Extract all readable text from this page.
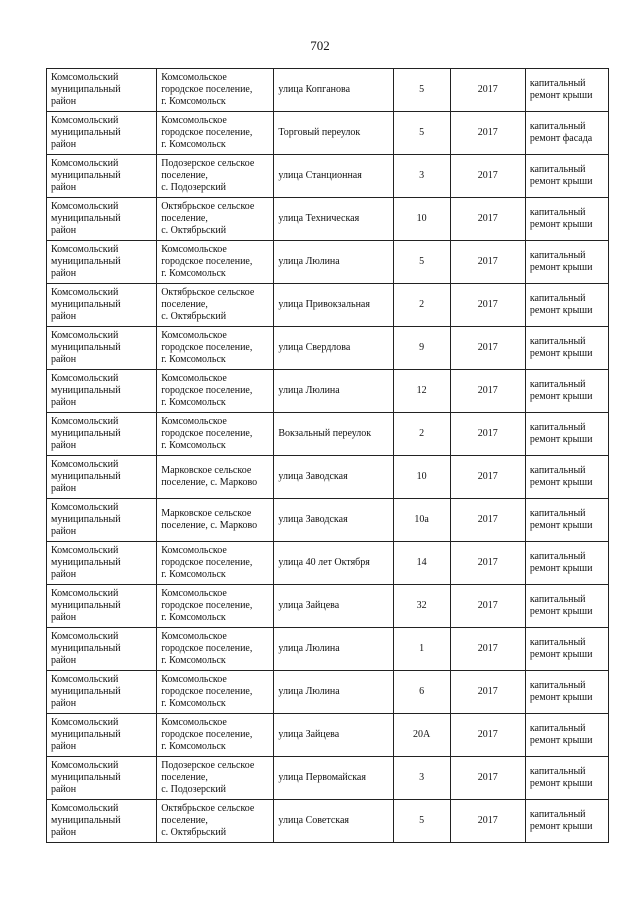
702
Комсомольский
муниципальный
район	Комсомольское
городское поселение,
г. Комсомольск	улица Копганова	5	2017	капитальный
ремонт крыши
Комсомольский
муниципальный
район	Комсомольское
городское поселение,
г. Комсомольск	Торговый переулок	5	2017	капитальный
ремонт фасада
Комсомольский
муниципальный
район	Подозерское сельское
поселение,
с. Подозерский	улица Станционная	3	2017	капитальный
ремонт крыши
Комсомольский
муниципальный
район	Октябрьское сельское
поселение,
с. Октябрьский	улица Техническая	10	2017	капитальный
ремонт крыши
Комсомольский
муниципальный
район	Комсомольское
городское поселение,
г. Комсомольск	улица Люлина	5	2017	капитальный
ремонт крыши
Комсомольский
муниципальный
район	Октябрьское сельское
поселение,
с. Октябрьский	улица Привокзальная	2	2017	капитальный
ремонт крыши
Комсомольский
муниципальный
район	Комсомольское
городское поселение,
г. Комсомольск	улица Свердлова	9	2017	капитальный
ремонт крыши
Комсомольский
муниципальный
район	Комсомольское
городское поселение,
г. Комсомольск	улица Люлина	12	2017	капитальный
ремонт крыши
Комсомольский
муниципальный
район	Комсомольское
городское поселение,
г. Комсомольск	Вокзальный переулок	2	2017	капитальный
ремонт крыши
Комсомольский
муниципальный
район	Марковское сельское
поселение, с. Марково	улица Заводская	10	2017	капитальный
ремонт крыши
Комсомольский
муниципальный
район	Марковское сельское
поселение, с. Марково	улица Заводская	10а	2017	капитальный
ремонт крыши
Комсомольский
муниципальный
район	Комсомольское
городское поселение,
г. Комсомольск	улица 40 лет Октября	14	2017	капитальный
ремонт крыши
Комсомольский
муниципальный
район	Комсомольское
городское поселение,
г. Комсомольск	улица Зайцева	32	2017	капитальный
ремонт крыши
Комсомольский
муниципальный
район	Комсомольское
городское поселение,
г. Комсомольск	улица Люлина	1	2017	капитальный
ремонт крыши
Комсомольский
муниципальный
район	Комсомольское
городское поселение,
г. Комсомольск	улица Люлина	6	2017	капитальный
ремонт крыши
Комсомольский
муниципальный
район	Комсомольское
городское поселение,
г. Комсомольск	улица Зайцева	20А	2017	капитальный
ремонт крыши
Комсомольский
муниципальный
район	Подозерское сельское
поселение,
с. Подозерский	улица Первомайская	3	2017	капитальный
ремонт крыши
Комсомольский
муниципальный
район	Октябрьское сельское
поселение,
с. Октябрьский	улица Советская	5	2017	капитальный
ремонт крыши
